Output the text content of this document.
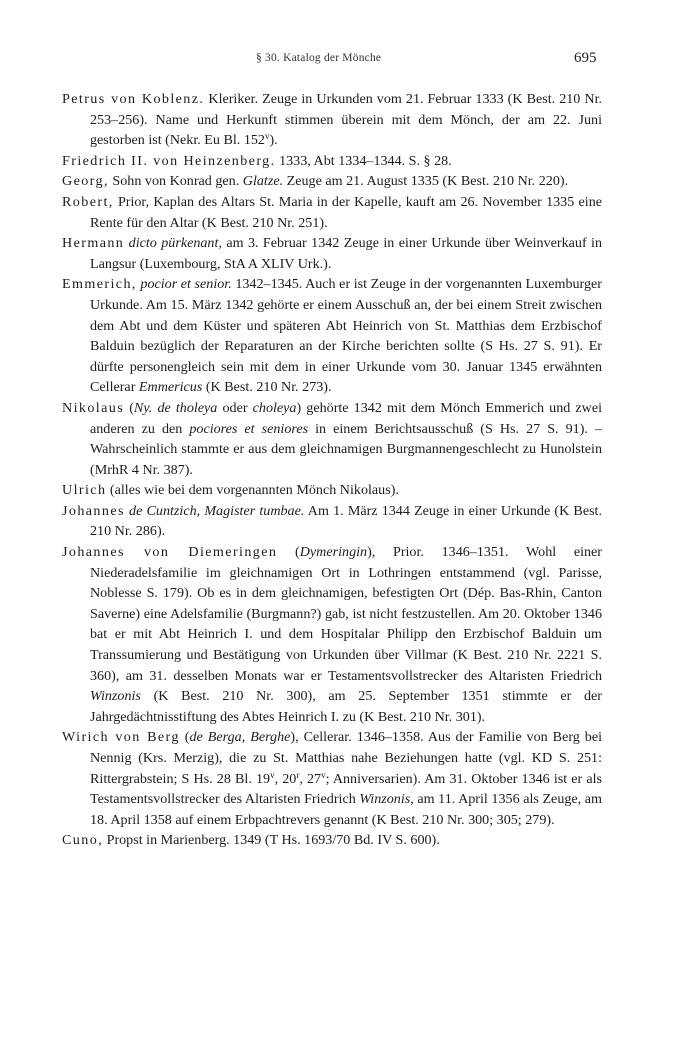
§ 30. Katalog der Mönche	695

Petrus von Koblenz. Kleriker. Zeuge in Urkunden vom 21. Februar 1333 (K Best. 210 Nr. 253–256). Name und Herkunft stimmen überein mit dem Mönch, der am 22. Juni gestorben ist (Nekr. Eu Bl. 152$^v$).

Friedrich II. von Heinzenberg. 1333, Abt 1334–1344. S. § 28.

Georg, Sohn von Konrad gen. Glatze. Zeuge am 21. August 1335 (K Best. 210 Nr. 220).

Robert, Prior, Kaplan des Altars St. Maria in der Kapelle, kauft am 26. November 1335 eine Rente für den Altar (K Best. 210 Nr. 251).

Hermann dicto pürkenant, am 3. Februar 1342 Zeuge in einer Urkunde über Weinverkauf in Langsur (Luxembourg, StA A XLIV Urk.).

Emmerich, pocior et senior. 1342–1345. Auch er ist Zeuge in der vorgenannten Luxemburger Urkunde. Am 15. März 1342 gehörte er einem Ausschuß an, der bei einem Streit zwischen dem Abt und dem Küster und späteren Abt Heinrich von St. Matthias dem Erzbischof Balduin bezüglich der Reparaturen an der Kirche berichten sollte (S Hs. 27 S. 91). Er dürfte personengleich sein mit dem in einer Urkunde vom 30. Januar 1345 erwähnten Cellerar Emmericus (K Best. 210 Nr. 273).

Nikolaus (Ny. de tholeya oder choleya) gehörte 1342 mit dem Mönch Emmerich und zwei anderen zu den pociores et seniores in einem Berichtsausschuß (S Hs. 27 S. 91). – Wahrscheinlich stammte er aus dem gleichnamigen Burgmannengeschlecht zu Hunolstein (MrhR 4 Nr. 387).

Ulrich (alles wie bei dem vorgenannten Mönch Nikolaus).

Johannes de Cuntzich, Magister tumbae. Am 1. März 1344 Zeuge in einer Urkunde (K Best. 210 Nr. 286).

Johannes von Diemeringen (Dymeringin), Prior. 1346–1351. Wohl einer Niederadelsfamilie im gleichnamigen Ort in Lothringen entstammend (vgl. Parisse, Noblesse S. 179). Ob es in dem gleichnamigen, befestigten Ort (Dép. Bas-Rhin, Canton Saverne) eine Adelsfamilie (Burgmann?) gab, ist nicht festzustellen. Am 20. Oktober 1346 bat er mit Abt Heinrich I. und dem Hospitalar Philipp den Erzbischof Balduin um Transsumierung und Bestätigung von Urkunden über Villmar (K Best. 210 Nr. 2221 S. 360), am 31. desselben Monats war er Testamentsvollstrecker des Altaristen Friedrich Winzonis (K Best. 210 Nr. 300), am 25. September 1351 stimmte er der Jahrgedächtnisstiftung des Abtes Heinrich I. zu (K Best. 210 Nr. 301).

Wirich von Berg (de Berga, Berghe), Cellerar. 1346–1358. Aus der Familie von Berg bei Nennig (Krs. Merzig), die zu St. Matthias nahe Beziehungen hatte (vgl. KD S. 251: Rittergrabstein; S Hs. 28 Bl. 19$^v$, 20$^r$, 27$^v$; Anniversarien). Am 31. Oktober 1346 ist er als Testamentsvollstrecker des Altaristen Friedrich Winzonis, am 11. April 1356 als Zeuge, am 18. April 1358 auf einem Erbpachtrevers genannt (K Best. 210 Nr. 300; 305; 279).

Cuno, Propst in Marienberg. 1349 (T Hs. 1693/70 Bd. IV S. 600).
